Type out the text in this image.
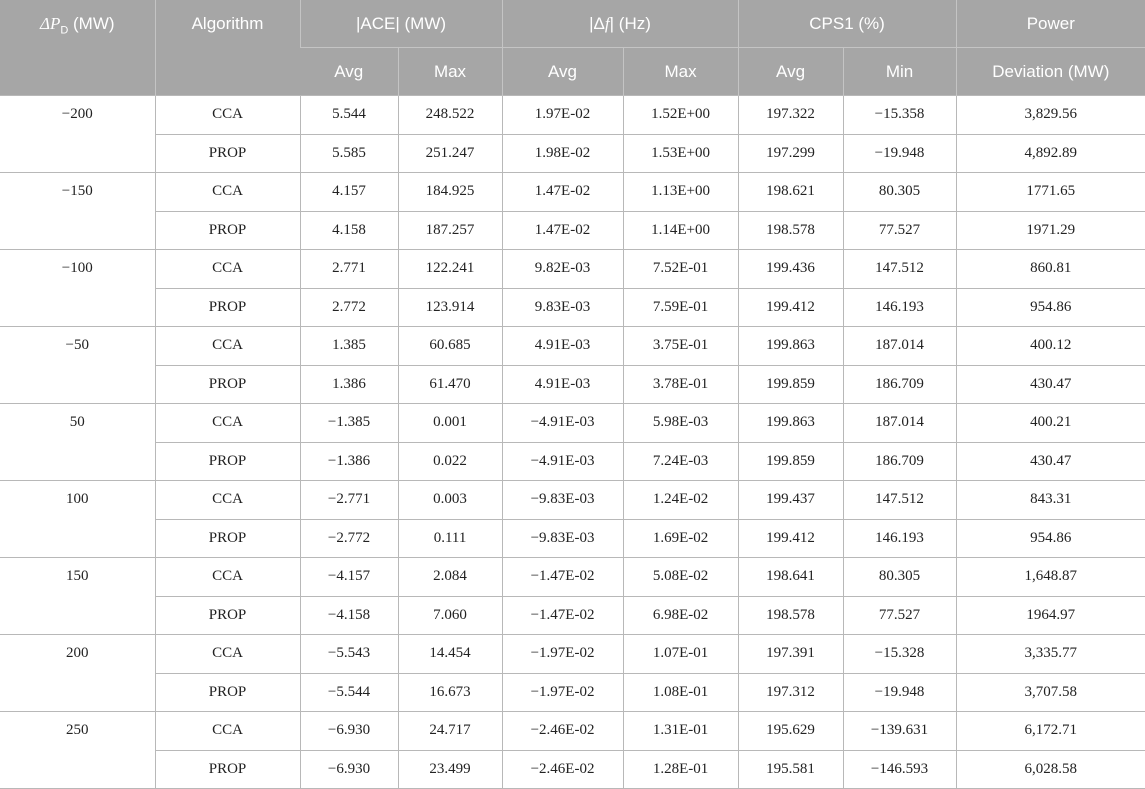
$\Delta P_D$ (MW)	Algorithm	|ACE| (MW)		|Δf| (Hz)		CPS1 (%)		Power
		Avg	Max	Avg	Max	Avg	Min	Deviation (MW)
−200	CCA	5.544	248.522	1.97E-02	1.52E+00	197.322	−15.358	3,829.56
	PROP	5.585	251.247	1.98E-02	1.53E+00	197.299	−19.948	4,892.89
−150	CCA	4.157	184.925	1.47E-02	1.13E+00	198.621	80.305	1771.65
	PROP	4.158	187.257	1.47E-02	1.14E+00	198.578	77.527	1971.29
−100	CCA	2.771	122.241	9.82E-03	7.52E-01	199.436	147.512	860.81
	PROP	2.772	123.914	9.83E-03	7.59E-01	199.412	146.193	954.86
−50	CCA	1.385	60.685	4.91E-03	3.75E-01	199.863	187.014	400.12
	PROP	1.386	61.470	4.91E-03	3.78E-01	199.859	186.709	430.47
50	CCA	−1.385	0.001	−4.91E-03	5.98E-03	199.863	187.014	400.21
	PROP	−1.386	0.022	−4.91E-03	7.24E-03	199.859	186.709	430.47
100	CCA	−2.771	0.003	−9.83E-03	1.24E-02	199.437	147.512	843.31
	PROP	−2.772	0.111	−9.83E-03	1.69E-02	199.412	146.193	954.86
150	CCA	−4.157	2.084	−1.47E-02	5.08E-02	198.641	80.305	1,648.87
	PROP	−4.158	7.060	−1.47E-02	6.98E-02	198.578	77.527	1964.97
200	CCA	−5.543	14.454	−1.97E-02	1.07E-01	197.391	−15.328	3,335.77
	PROP	−5.544	16.673	−1.97E-02	1.08E-01	197.312	−19.948	3,707.58
250	CCA	−6.930	24.717	−2.46E-02	1.31E-01	195.629	−139.631	6,172.71
	PROP	−6.930	23.499	−2.46E-02	1.28E-01	195.581	−146.593	6,028.58
